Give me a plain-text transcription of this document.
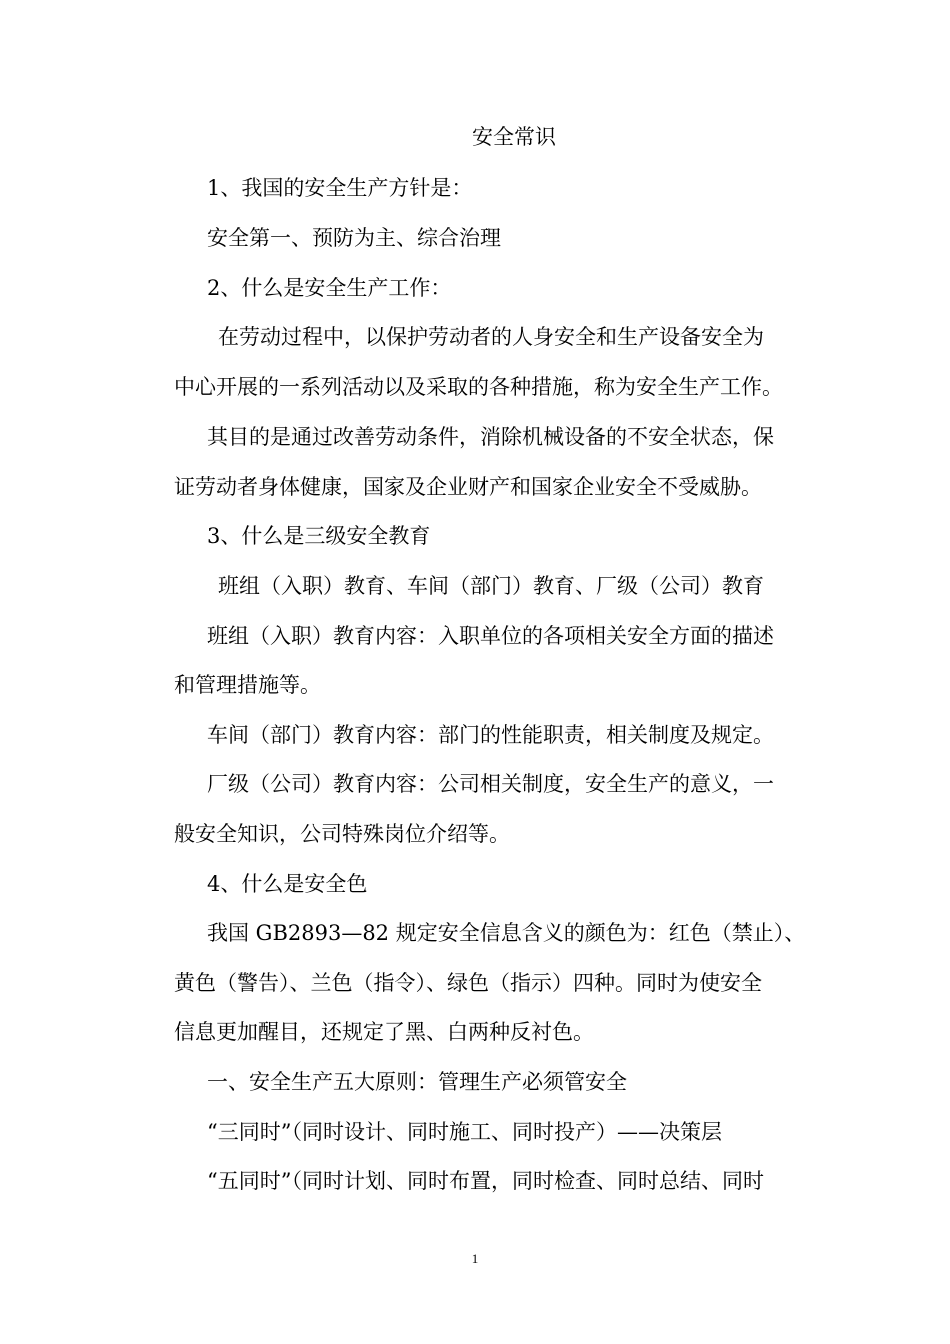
安全常识
1、我国的安全生产方针是：
安全第一、预防为主、综合治理
2、什么是安全生产工作：
在劳动过程中，以保护劳动者的人身安全和生产设备安全为
中心开展的一系列活动以及采取的各种措施，称为安全生产工作。
其目的是通过改善劳动条件，消除机械设备的不安全状态，保
证劳动者身体健康，国家及企业财产和国家企业安全不受威胁。
3、什么是三级安全教育
班组（入职）教育、车间（部门）教育、厂级（公司）教育
班组（入职）教育内容：入职单位的各项相关安全方面的描述
和管理措施等。
车间（部门）教育内容：部门的性能职责，相关制度及规定。
厂级（公司）教育内容：公司相关制度，安全生产的意义，一
般安全知识，公司特殊岗位介绍等。
4、什么是安全色
我国 GB2893—82 规定安全信息含义的颜色为：红色（禁止）、
黄色（警告）、兰色（指令）、绿色（指示）四种。同时为使安全
信息更加醒目，还规定了黑、白两种反衬色。
一、安全生产五大原则：管理生产必须管安全
“三同时”（同时设计、同时施工、同时投产）——决策层
“五同时”（同时计划、同时布置，同时检查、同时总结、同时
1
